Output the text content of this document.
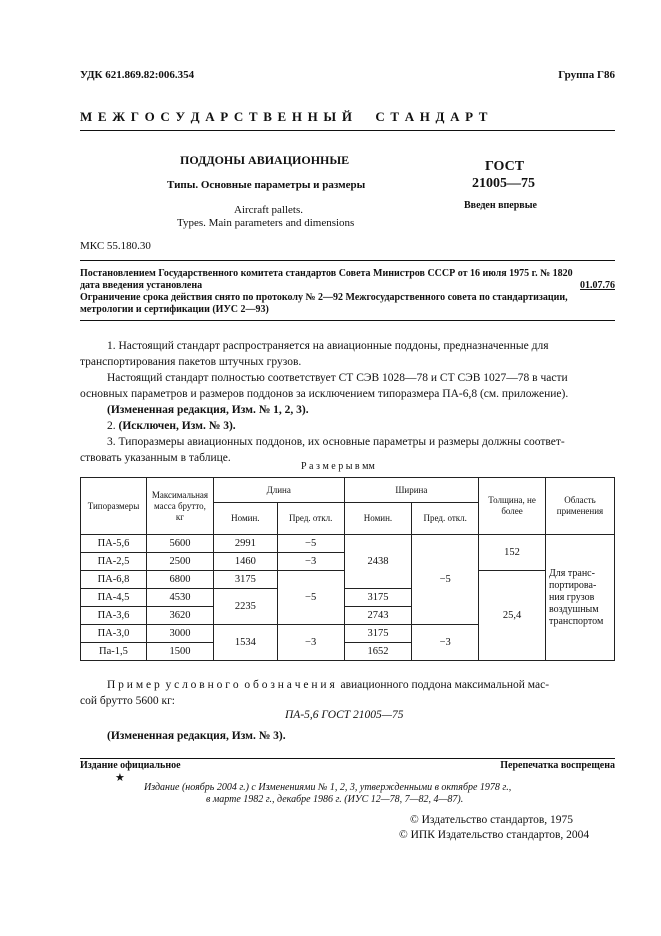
УДК 621.869.82:006.354	Группа Г86
М Е Ж Г О С У Д А Р С Т В Е Н Н Ы Й     С Т А Н Д А Р Т
ПОДДОНЫ АВИАЦИОННЫЕ
Типы. Основные параметры и размеры
Aircraft pallets.
Types. Main parameters and dimensions
ГОСТ
21005—75
Введен впервые
МКС 55.180.30
Постановлением Государственного комитета стандартов Совета Министров СССР от 16 июля 1975 г. № 1820
дата введения установлена	01.07.76
Ограничение срока действия снято по протоколу № 2—92 Межгосударственного совета по стандартизации,
метрологии и сертификации (ИУС 2—93)
1. Настоящий стандарт распространяется на авиационные поддоны, предназначенные для
транспортирования пакетов штучных грузов.
Настоящий стандарт полностью соответствует СТ СЭВ 1028—78 и СТ СЭВ 1027—78 в части
основных параметров и размеров поддонов за исключением типоразмера ПА-6,8 (см. приложение).
(Измененная редакция, Изм. № 1, 2, 3).
2. (Исключен, Изм. № 3).
3. Типоразмеры авиационных поддонов, их основные параметры и размеры должны соответ-
ствовать указанным в таблице.
Р а з м е р ы в мм
Типоразмеры	Максимальная масса брутто, кг	Длина		Ширина		Толщина, не более	Область применения
		Номин.	Пред. откл.	Номин.	Пред. откл.		
ПА-5,6	5600	2991	−5	2438	−5	152	Для транс-портирова-ния грузов воздушным транспортом
ПА-2,5	2500	1460	−3				
ПА-6,8	6800	3175	−5			25,4	
ПА-4,5	4530	2235		3175			
ПА-3,6	3620			2743			
ПА-3,0	3000	1534	−3	3175	−3		
Па-1,5	1500			1652			
П р и м е р  у с л о в н о г о  о б о з н а ч е н и я  авиационного поддона максимальной мас-
сой брутто 5600 кг:
ПА-5,6 ГОСТ 21005—75
(Измененная редакция, Изм. № 3).
Издание официальное	Перепечатка воспрещена
★
Издание (ноябрь 2004 г.) с Изменениями № 1, 2, 3, утвержденными в октябре 1978 г.,
в марте 1982 г., декабре 1986 г. (ИУС 12—78, 7—82, 4—87).
© Издательство стандартов, 1975
© ИПК Издательство стандартов, 2004
